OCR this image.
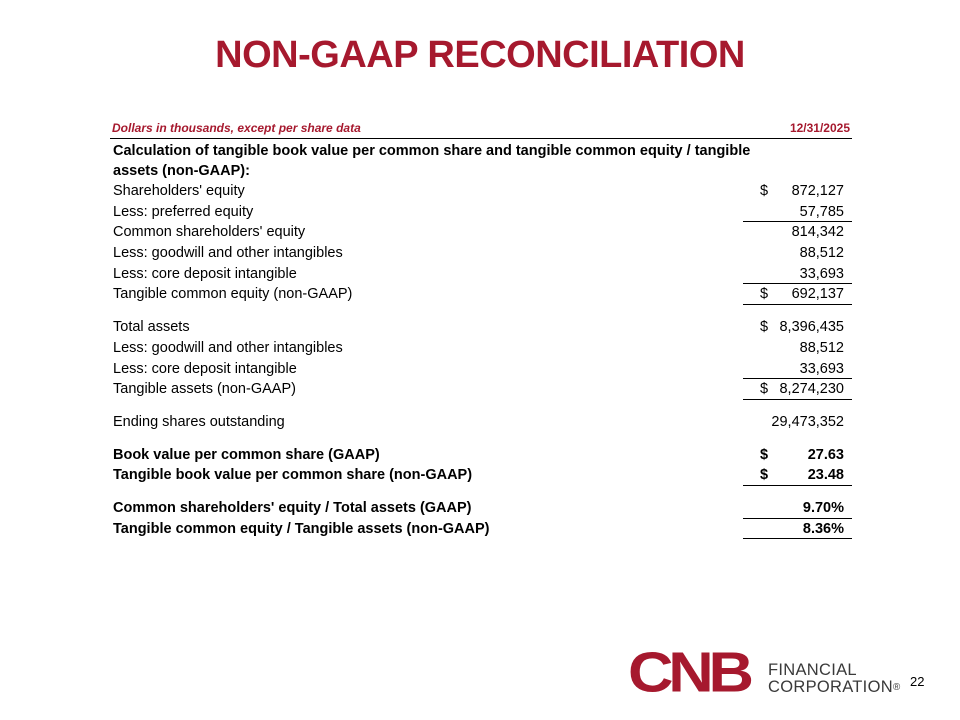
NON-GAAP RECONCILIATION
Dollars in thousands, except per share data	12/31/2025
Calculation of tangible book value per common share and tangible common equity / tangible assets (non-GAAP):
Shareholders' equity	$ 872,127
Less: preferred equity	57,785
Common shareholders' equity	814,342
Less: goodwill and other intangibles	88,512
Less: core deposit intangible	33,693
Tangible common equity (non-GAAP)	$ 692,137
Total assets	$ 8,396,435
Less: goodwill and other intangibles	88,512
Less: core deposit intangible	33,693
Tangible assets (non-GAAP)	$ 8,274,230
Ending shares outstanding	29,473,352
Book value per common share (GAAP)	$	27.63
Tangible book value per common share (non-GAAP)	$	23.48
Common shareholders' equity / Total assets (GAAP)	9.70%
Tangible common equity / Tangible assets (non-GAAP)	8.36%
CNB FINANCIAL
CORPORATION® 22
